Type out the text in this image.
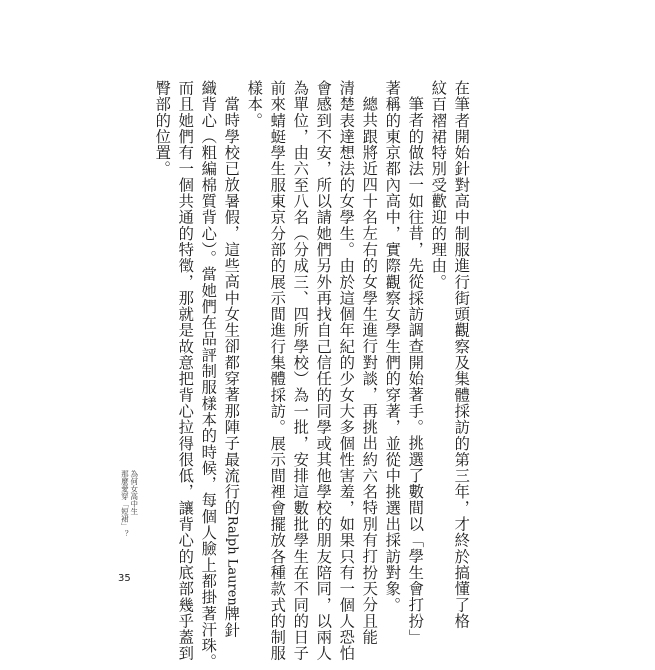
在筆者開始針對高中制服進行街頭觀察及集體採訪的第三年，才終於搞懂了格
紋百褶裙特別受歡迎的理由。
筆者的做法一如往昔，先從採訪調查開始著手。挑選了數間以「學生會打扮」
著稱的東京都內高中，實際觀察女學生們的穿著，並從中挑選出採訪對象。
總共跟將近四十名左右的女學生進行對談，再挑出約六名特別有打扮天分且能
清楚表達想法的女學生。由於這個年紀的少女大多個性害羞，如果只有一個人恐怕
會感到不安，所以請她們另外再找自己信任的同學或其他學校的朋友陪同，以兩人
為單位，由六至八名（分成三、四所學校）為一批，安排這數批學生在不同的日子
前來蜻蜓學生服東京分部的展示間進行集體採訪。展示間裡會擺放各種款式的制服
樣本。
當時學校已放暑假，這些高中女生卻都穿著那陣子最流行的Ralph Lauren牌針
織背心（粗編棉質背心）。當她們在品評制服樣本的時候，每個人臉上都掛著汗珠。
而且她們有一個共通的特徵，那就是故意把背心拉得很低，讓背心的底部幾乎蓋到
臀部的位置。
為何女高中生
那麼愛穿「短裙」？
35
